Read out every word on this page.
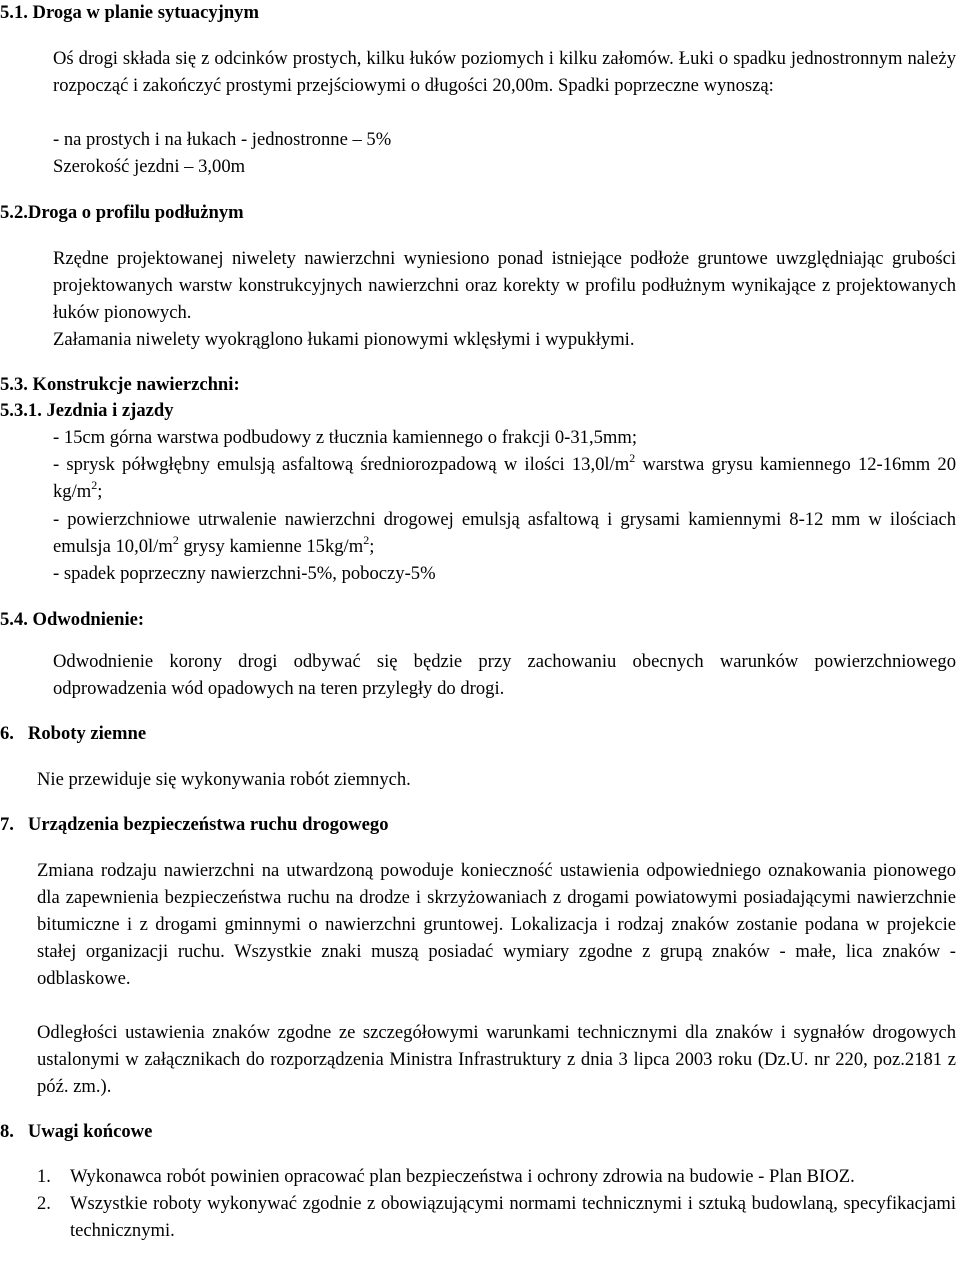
5.1. Droga w planie sytuacyjnym
Oś drogi składa się z odcinków prostych, kilku łuków poziomych i kilku załomów. Łuki o spadku jednostronnym należy rozpocząć i zakończyć prostymi przejściowymi o długości 20,00m. Spadki poprzeczne wynoszą:
- na prostych i na łukach - jednostronne – 5%
Szerokość jezdni – 3,00m
5.2.Droga o profilu podłużnym
Rzędne projektowanej niwelety nawierzchni wyniesiono ponad istniejące podłoże gruntowe uwzględniając grubości projektowanych warstw konstrukcyjnych nawierzchni oraz korekty w profilu podłużnym wynikające z projektowanych łuków pionowych.
Załamania niwelety wyokrąglono łukami pionowymi wklęsłymi i wypukłymi.
5.3. Konstrukcje nawierzchni:
5.3.1. Jezdnia i zjazdy
- 15cm górna warstwa podbudowy z tłucznia kamiennego o frakcji 0-31,5mm;
- sprysk półwgłębny emulsją asfaltową średniorozpadową w ilości $13,0l/m^2$ warstwa grysu kamiennego 12-16mm 20 $kg/m^2$;
- powierzchniowe utrwalenie nawierzchni drogowej emulsją asfaltową i grysami kamiennymi 8-12 mm w ilościach emulsja $10,0l/m^2$ grysy kamienne $15kg/m^2$;
- spadek poprzeczny nawierzchni-5%, poboczy-5%
5.4. Odwodnienie:
Odwodnienie korony drogi odbywać się będzie przy zachowaniu obecnych warunków powierzchniowego odprowadzenia wód opadowych na teren przyległy do drogi.
6.   Roboty ziemne
Nie przewiduje się wykonywania robót ziemnych.
7.   Urządzenia bezpieczeństwa ruchu drogowego
Zmiana rodzaju nawierzchni na utwardzoną powoduje konieczność ustawienia odpowiedniego oznakowania pionowego dla zapewnienia bezpieczeństwa ruchu na drodze i skrzyżowaniach z drogami powiatowymi posiadającymi nawierzchnie bitumiczne i z drogami gminnymi o nawierzchni gruntowej. Lokalizacja i rodzaj znaków zostanie podana w projekcie stałej organizacji ruchu. Wszystkie znaki muszą posiadać wymiary zgodne z grupą znaków - małe, lica znaków - odblaskowe.
Odległości ustawienia znaków zgodne ze szczegółowymi warunkami technicznymi dla znaków i sygnałów drogowych ustalonymi w załącznikach do rozporządzenia Ministra Infrastruktury z dnia 3 lipca 2003 roku (Dz.U. nr 220, poz.2181 z póź. zm.).
8.   Uwagi końcowe
1. Wykonawca robót powinien opracować plan bezpieczeństwa i ochrony zdrowia na budowie - Plan BIOZ.
2. Wszystkie roboty wykonywać zgodnie z obowiązującymi normami technicznymi i sztuką budowlaną, specyfikacjami technicznymi.
